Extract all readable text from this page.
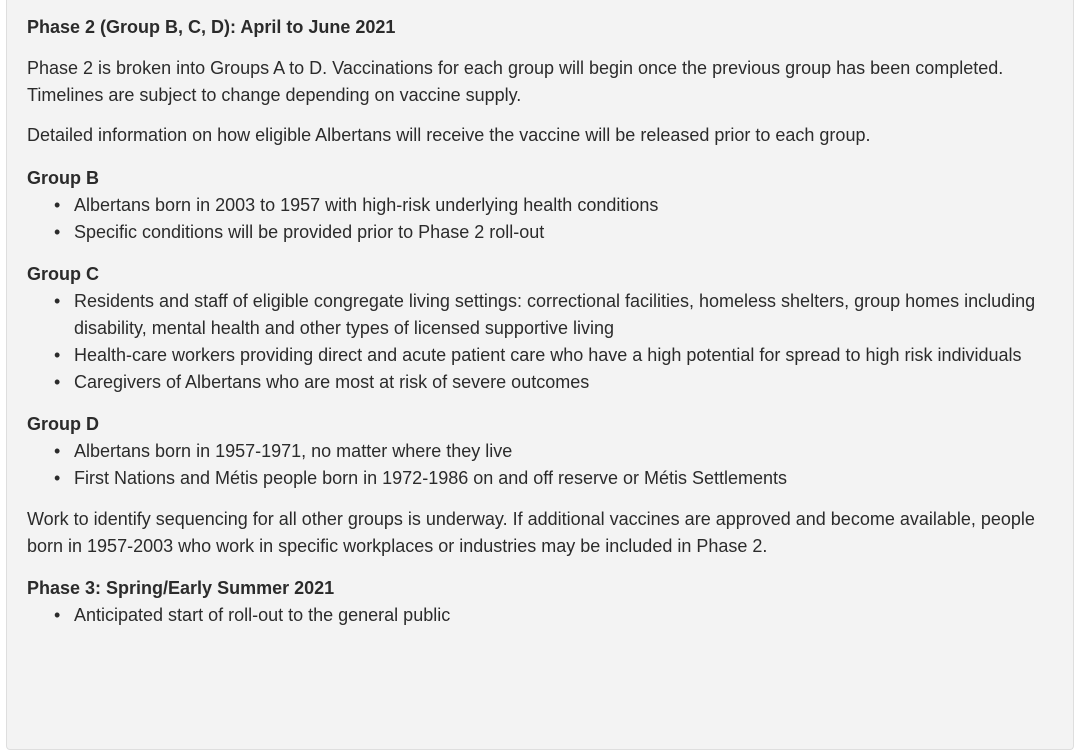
Phase 2 (Group B, C, D): April to June 2021

Phase 2 is broken into Groups A to D. Vaccinations for each group will begin once the previous group has been completed. Timelines are subject to change depending on vaccine supply.

Detailed information on how eligible Albertans will receive the vaccine will be released prior to each group.

Group B

• Albertans born in 2003 to 1957 with high-risk underlying health conditions
• Specific conditions will be provided prior to Phase 2 roll-out

Group C

• Residents and staff of eligible congregate living settings: correctional facilities, homeless shelters, group homes including disability, mental health and other types of licensed supportive living
• Health-care workers providing direct and acute patient care who have a high potential for spread to high risk individuals
• Caregivers of Albertans who are most at risk of severe outcomes

Group D

• Albertans born in 1957-1971, no matter where they live
• First Nations and Métis people born in 1972-1986 on and off reserve or Métis Settlements

Work to identify sequencing for all other groups is underway. If additional vaccines are approved and become available, people born in 1957-2003 who work in specific workplaces or industries may be included in Phase 2.

Phase 3: Spring/Early Summer 2021

• Anticipated start of roll-out to the general public
